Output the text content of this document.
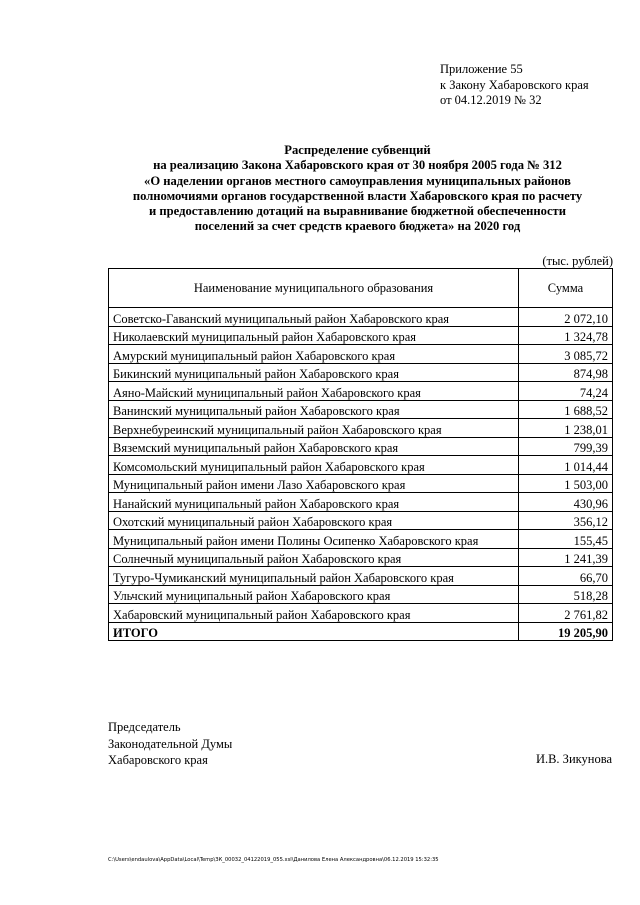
Приложение 55
к Закону Хабаровского края
от 04.12.2019 № 32
Распределение субвенций
на реализацию Закона Хабаровского края от 30 ноября 2005 года № 312
«О наделении органов местного самоуправления муниципальных районов
полномочиями органов государственной власти Хабаровского края по расчету
и предоставлению дотаций на выравнивание бюджетной обеспеченности
поселений за счет средств краевого бюджета» на 2020 год
(тыс. рублей)
Наименование муниципального образования	Сумма
Советско-Гаванский муниципальный район Хабаровского края	2 072,10
Николаевский муниципальный район Хабаровского края	1 324,78
Амурский муниципальный район Хабаровского края	3 085,72
Бикинский муниципальный район Хабаровского края	874,98
Аяно-Майский муниципальный район Хабаровского края	74,24
Ванинский муниципальный район Хабаровского края	1 688,52
Верхнебуреинский муниципальный район Хабаровского края	1 238,01
Вяземский муниципальный район Хабаровского края	799,39
Комсомольский муниципальный район Хабаровского края	1 014,44
Муниципальный район имени Лазо Хабаровского края	1 503,00
Нанайский муниципальный район Хабаровского края	430,96
Охотский муниципальный район Хабаровского края	356,12
Муниципальный район имени Полины Осипенко Хабаровского края	155,45
Солнечный муниципальный район Хабаровского края	1 241,39
Тугуро-Чумиканский муниципальный район Хабаровского края	66,70
Ульчский муниципальный район Хабаровского края	518,28
Хабаровский муниципальный район Хабаровского края	2 761,82
ИТОГО	19 205,90
Председатель
Законодательной Думы
Хабаровского края	И.В. Зикунова
C:\Users\endaulova\AppData\Local\Temp\ЗК_00032_04122019_055.xsl\Данилова Елена Александровна\06.12.2019 15:32:35
